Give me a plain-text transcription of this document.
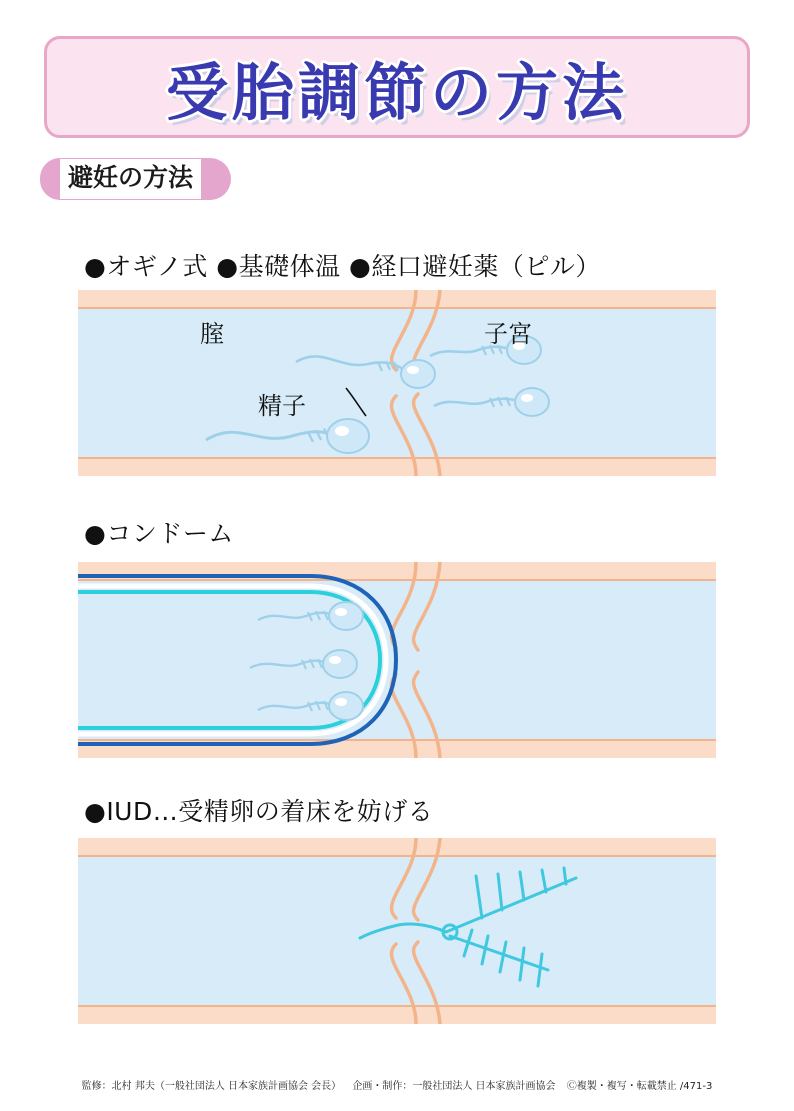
受胎調節の方法
避妊の方法
●オギノ式 ●基礎体温 ●経口避妊薬（ピル）
腟	子宮
精子
●コンドーム
●IUD…受精卵の着床を妨げる
監修：北村 邦夫（一般社団法人 日本家族計画協会 会長） 企画・制作：一般社団法人 日本家族計画協会 Ⓒ複製・複写・転載禁止 /471-3
